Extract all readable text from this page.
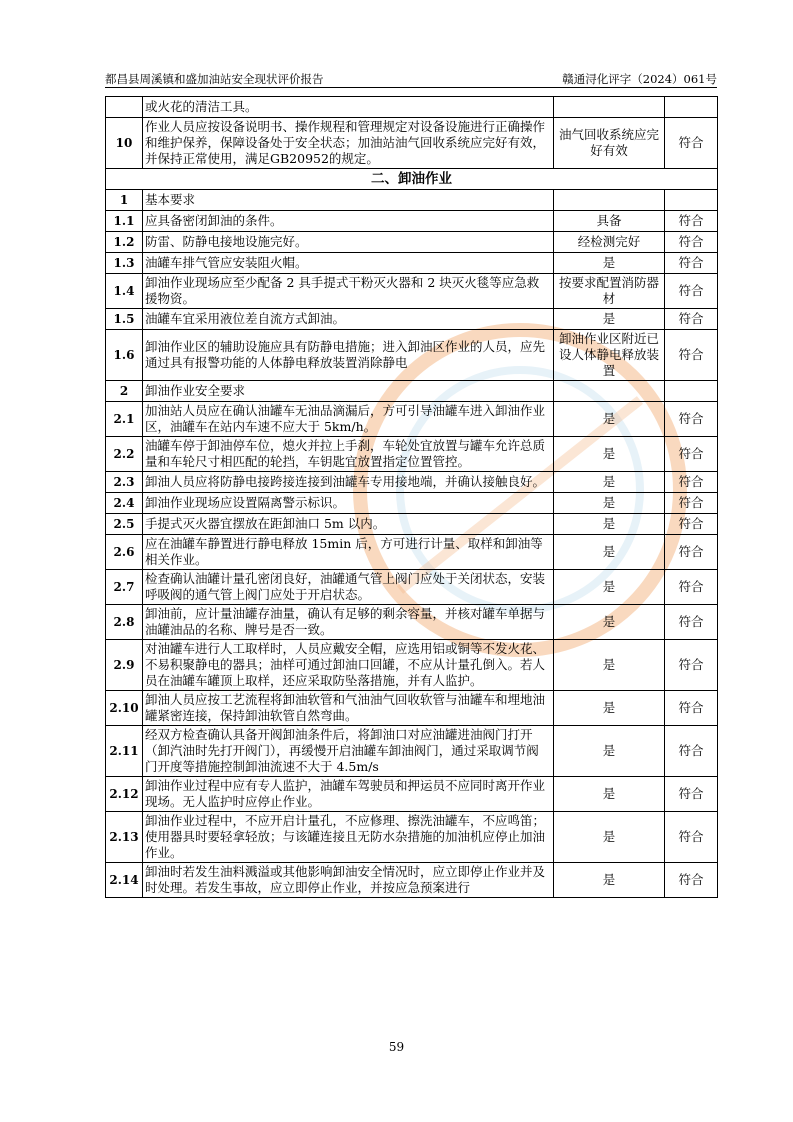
都昌县周溪镇和盛加油站安全现状评价报告	赣通浔化评字（2024）061号
	或火花的清洁工具。		
10	作业人员应按设备说明书、操作规程和管理规定对设备设施进行正确操作和维护保养，保障设备处于安全状态；加油站油气回收系统应完好有效，并保持正常使用，满足GB20952的规定。	油气回收系统应完好有效	符合
二、卸油作业			
1	基本要求		
1.1	应具备密闭卸油的条件。	具备	符合
1.2	防雷、防静电接地设施完好。	经检测完好	符合
1.3	油罐车排气管应安装阻火帽。	是	符合
1.4	卸油作业现场应至少配备 2 具手提式干粉灭火器和 2 块灭火毯等应急救援物资。	按要求配置消防器材	符合
1.5	油罐车宜采用液位差自流方式卸油。	是	符合
1.6	卸油作业区的辅助设施应具有防静电措施；进入卸油区作业的人员，应先通过具有报警功能的人体静电释放装置消除静电	卸油作业区附近已设人体静电释放装置	符合
2	卸油作业安全要求		
2.1	加油站人员应在确认油罐车无油品滴漏后，方可引导油罐车进入卸油作业区，油罐车在站内车速不应大于 5km/h。	是	符合
2.2	油罐车停于卸油停车位，熄火并拉上手刹，车轮处宜放置与罐车允许总质量和车轮尺寸相匹配的轮挡，车钥匙宜放置指定位置管控。	是	符合
2.3	卸油人员应将防静电接跨接连接到油罐车专用接地端，并确认接触良好。	是	符合
2.4	卸油作业现场应设置隔离警示标识。	是	符合
2.5	手提式灭火器宜摆放在距卸油口 5m 以内。	是	符合
2.6	应在油罐车静置进行静电释放 15min 后，方可进行计量、取样和卸油等相关作业。	是	符合
2.7	检查确认油罐计量孔密闭良好，油罐通气管上阀门应处于关闭状态，安装呼吸阀的通气管上阀门应处于开启状态。	是	符合
2.8	卸油前，应计量油罐存油量，确认有足够的剩余容量，并核对罐车单据与油罐油品的名称、牌号是否一致。	是	符合
2.9	对油罐车进行人工取样时，人员应戴安全帽，应选用铝或铜等不发火花、不易积聚静电的器具；油样可通过卸油口回罐，不应从计量孔倒入。若人员在油罐车罐顶上取样，还应采取防坠落措施，并有人监护。	是	符合
2.10	卸油人员应按工艺流程将卸油软管和气油油气回收软管与油罐车和埋地油罐紧密连接，保持卸油软管自然弯曲。	是	符合
2.11	经双方检查确认具备开阀卸油条件后，将卸油口对应油罐进油阀门打开（卸汽油时先打开阀门），再缓慢开启油罐车卸油阀门，通过采取调节阀门开度等措施控制卸油流速不大于 4.5m/s	是	符合
2.12	卸油作业过程中应有专人监护，油罐车驾驶员和押运员不应同时离开作业现场。无人监护时应停止作业。	是	符合
2.13	卸油作业过程中，不应开启计量孔，不应修理、擦洗油罐车，不应鸣笛；使用器具时要轻拿轻放；与该罐连接且无防水杂措施的加油机应停止加油作业。	是	符合
2.14	卸油时若发生油料溅溢或其他影响卸油安全情况时，应立即停止作业并及时处理。若发生事故，应立即停止作业，并按应急预案进行	是	符合
59
